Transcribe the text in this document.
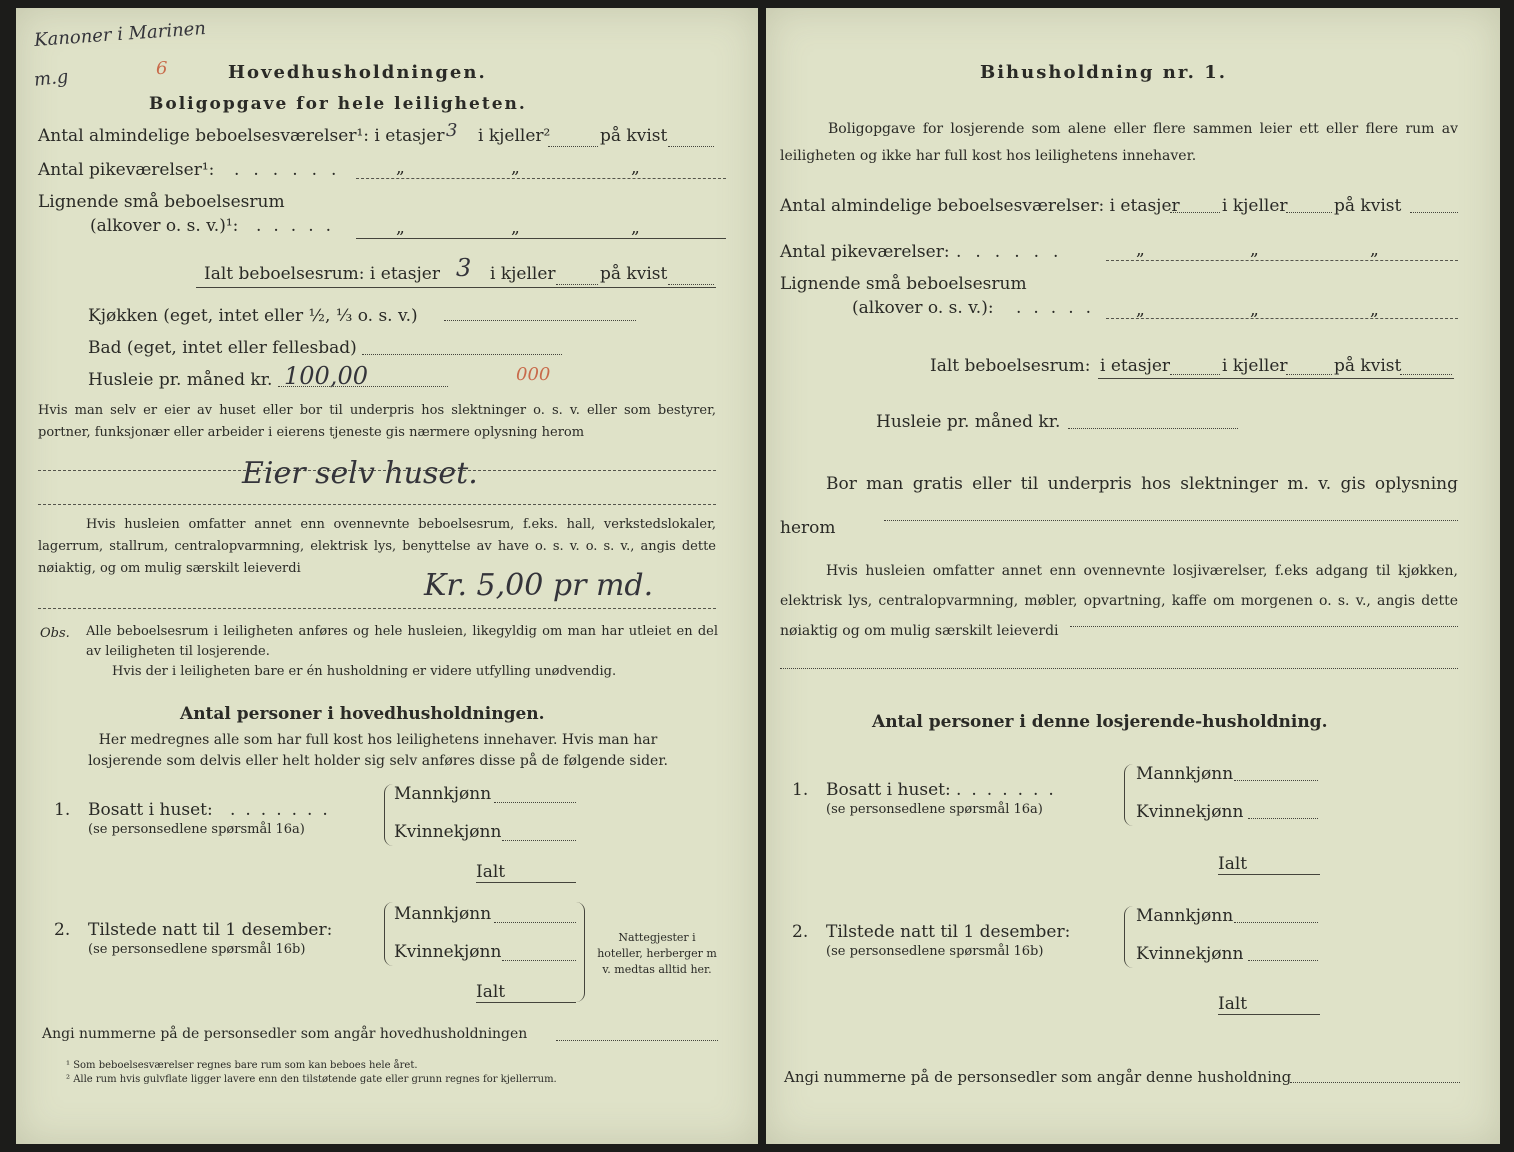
Kanoner i Marinen
m.g	6	Hovedhusholdningen.
Boligopgave for hele leiligheten.
Antal almindelige beboelsesværelser¹: i etasjer 3 i kjeller²	på kvist
Antal pikeværelser¹: ......	„	„	„
Lignende små beboelsesrum
(alkover o. s. v.)¹: .....	„	„	„
Ialt beboelsesrum: i etasjer 3 i kjeller	på kvist
Kjøkken (eget, intet eller ½, ⅓ o. s. v.)
Bad (eget, intet eller fellesbad)
Husleie pr. måned kr. 100,00	000
Hvis man selv er eier av huset eller bor til underpris hos slektninger o. s. v. eller som bestyrer, portner, funksjonær eller arbeider i eierens tjeneste gis nærmere oplysning herom
Eier selv huset.
Hvis husleien omfatter annet enn ovennevnte beboelsesrum, f.eks. hall, verkstedslokaler, lagerrum, stallrum, centralopvarmning, elektrisk lys, benyttelse av have o. s. v. o. s. v., angis dette nøiaktig, og om mulig særskilt leieverdi	Kr. 5,00 pr md.
Obs. Alle beboelsesrum i leiligheten anføres og hele husleien, likegyldig om man har utleiet en del av leiligheten til losjerende.
Hvis der i leiligheten bare er én husholdning er videre utfylling unødvendig.
Antal personer i hovedhusholdningen.
Her medregnes alle som har full kost hos leilighetens innehaver. Hvis man har losjerende som delvis eller helt holder sig selv anføres disse på de følgende sider.
1. Bosatt i huset: .......
(se personsedlene spørsmål 16a)
Mannkjønn
Kvinnekjønn
Ialt
2. Tilstede natt til 1 desember:
(se personsedlene spørsmål 16b)
Mannkjønn
Kvinnekjønn
Ialt
Nattegjester i hoteller, herberger m v. medtas alltid her.
Angi nummerne på de personsedler som angår hovedhusholdningen
¹ Som beboelsesværelser regnes bare rum som kan beboes hele året.
² Alle rum hvis gulvflate ligger lavere enn den tilstøtende gate eller grunn regnes for kjellerrum.
Bihusholdning nr. 1.
Boligopgave for losjerende som alene eller flere sammen leier ett eller flere rum av leiligheten og ikke har full kost hos leilighetens innehaver.
Antal almindelige beboelsesværelser: i etasjer i kjeller	på kvist
Antal pikeværelser: ......	„	„	„
Lignende små beboelsesrum
(alkover o. s. v.): ..... „	„	„
Ialt beboelsesrum: i etasjer	i kjeller	på kvist
Husleie pr. måned kr.
Bor man gratis eller til underpris hos slektninger m. v. gis oplysning herom
Hvis husleien omfatter annet enn ovennevnte losjiværelser, f.eks adgang til kjøkken, elektrisk lys, centralopvarmning, møbler, opvartning, kaffe om morgenen o. s. v., angis dette nøiaktig og om mulig særskilt leieverdi
Antal personer i denne losjerende-husholdning.
1. Bosatt i huset: .......
(se personsedlene spørsmål 16a)
Mannkjønn
Kvinnekjønn
Ialt
2. Tilstede natt til 1 desember:
(se personsedlene spørsmål 16b)
Mannkjønn
Kvinnekjønn
Ialt
Angi nummerne på de personsedler som angår denne husholdning
